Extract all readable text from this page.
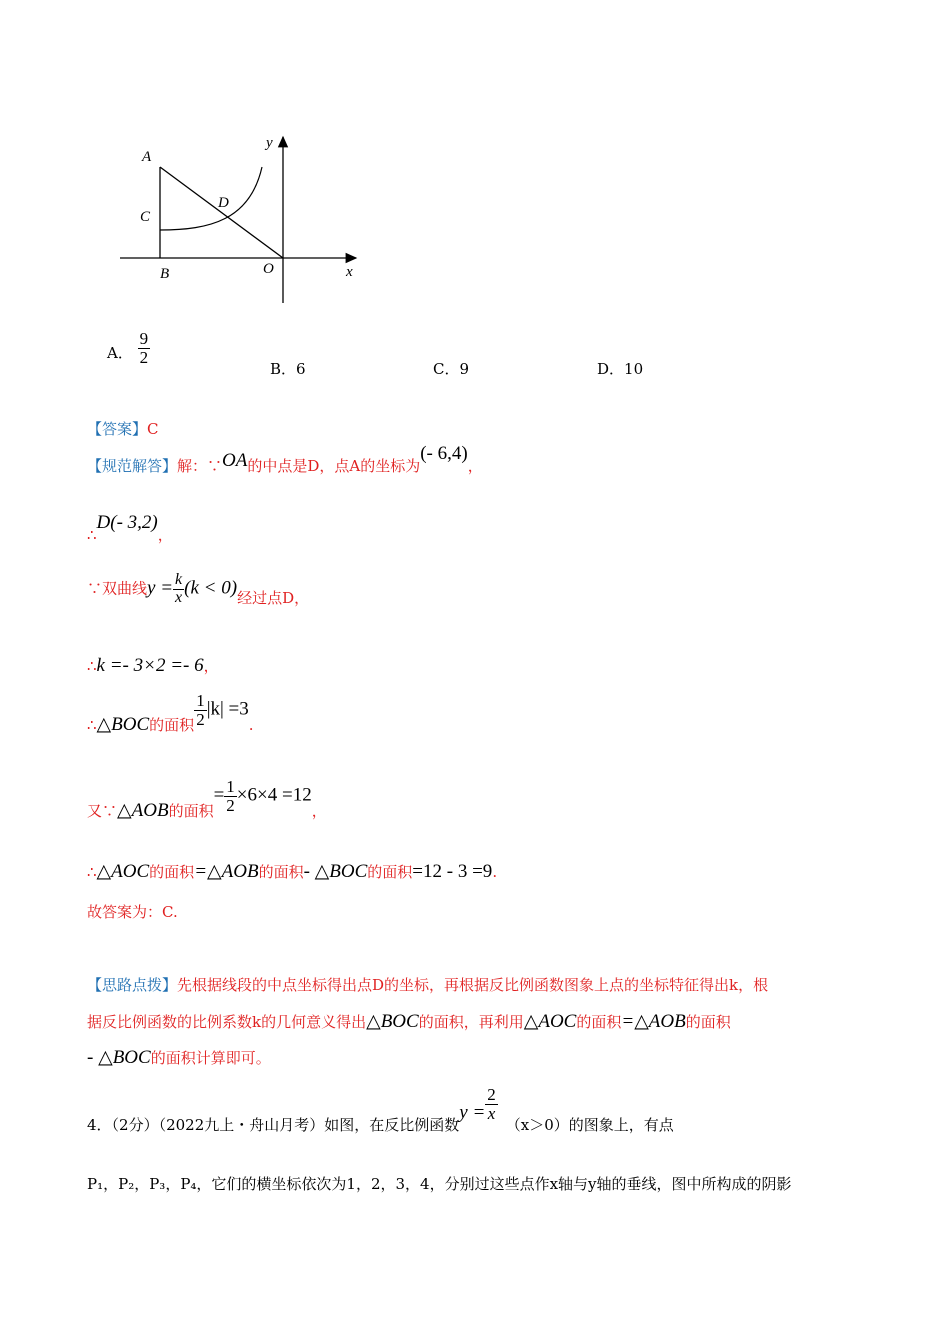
A
C
D
B	O	x
y
A． $\frac{9}{2}$
B．6	C．9	D．10
【答案】C
【规范解答】解：∵OA的中点是D，点A的坐标为(- 6,4)，
∴D(- 3,2)，
∵双曲线$y = \frac{k}{x} (k < 0)$经过点D，
∴k =- 3×2 =- 6，
∴△BOC的面积 $\frac{1}{2} |k| =3$.
又∵△AOB的面积= $\frac{1}{2} \times 6\times 4 =12$，
∴△AOC的面积=△AOB的面积- △BOC的面积=12 - 3 =9.
故答案为：C.
【思路点拨】先根据线段的中点坐标得出点D的坐标，再根据反比例函数图象上点的坐标特征得出k，根
据反比例函数的比例系数k的几何意义得出△BOC的面积，再利用△AOC的面积=△AOB的面积
- △BOC的面积计算即可。
4．（2分）（2022九上・舟山月考）如图，在反比例函数$y = \frac{2}{x}$
（x＞0）的图象上，有点
P₁，P₂，P₃，P₄，它们的横坐标依次为1，2，3，4，分别过这些点作x轴与y轴的垂线，图中所构成的阴影
